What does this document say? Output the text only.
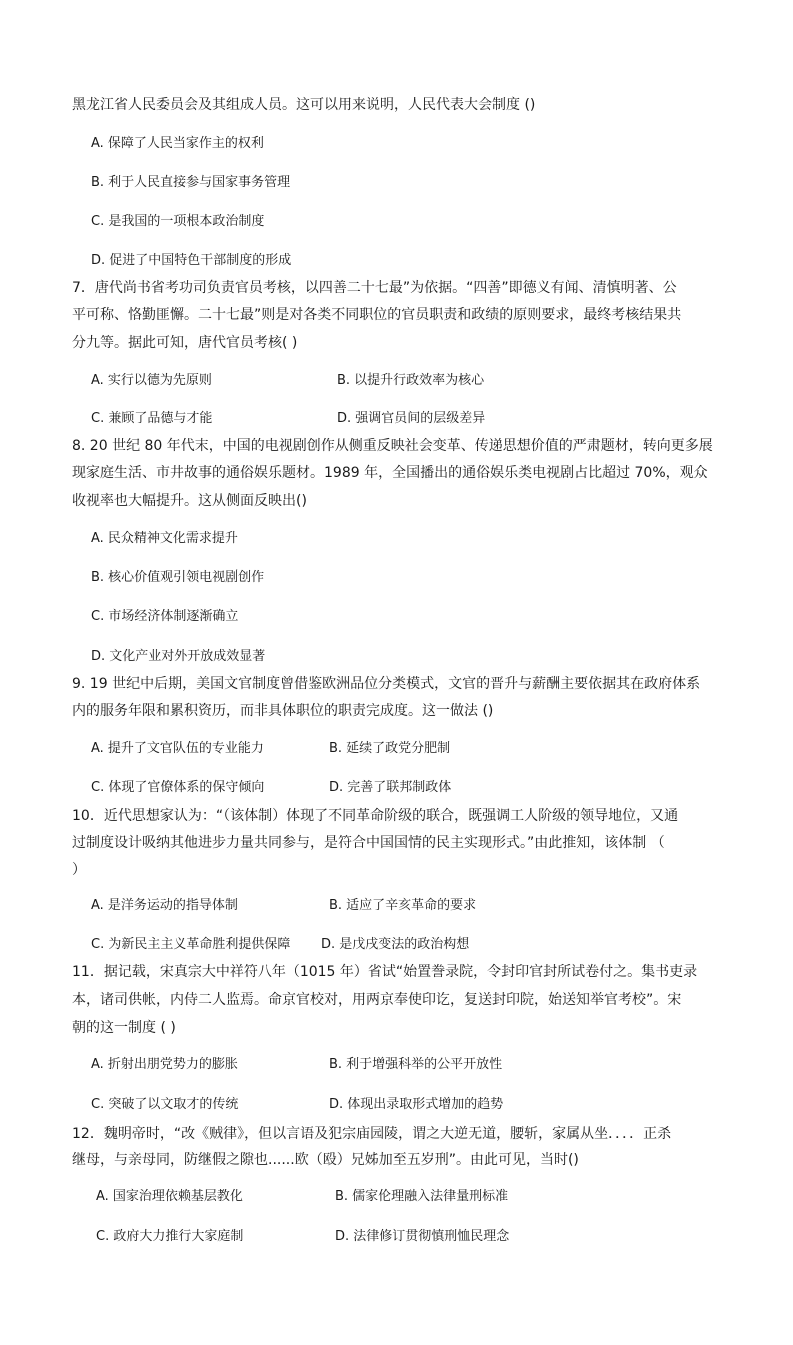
黑龙江省人民委员会及其组成人员。这可以用来说明，人民代表大会制度 ()
A. 保障了人民当家作主的权利
B. 利于人民直接参与国家事务管理
C. 是我国的一项根本政治制度
D. 促进了中国特色干部制度的形成
7．唐代尚书省考功司负责官员考核，以四善二十七最”为依据。“四善”即德义有闻、清慎明著、公
平可称、恪勤匪懈。二十七最”则是对各类不同职位的官员职责和政绩的原则要求，最终考核结果共
分九等。据此可知，唐代官员考核( )
A. 实行以德为先原则	B. 以提升行政效率为核心
C. 兼顾了品德与才能	D. 强调官员间的层级差异
8. 20 世纪 80 年代末，中国的电视剧创作从侧重反映社会变革、传递思想价值的严肃题材，转向更多展
现家庭生活、市井故事的通俗娱乐题材。1989 年，全国播出的通俗娱乐类电视剧占比超过 70%，观众
收视率也大幅提升。这从侧面反映出()
A. 民众精神文化需求提升
B. 核心价值观引领电视剧创作
C. 市场经济体制逐渐确立
D. 文化产业对外开放成效显著
9. 19 世纪中后期，美国文官制度曾借鉴欧洲品位分类模式，文官的晋升与薪酬主要依据其在政府体系
内的服务年限和累积资历，而非具体职位的职责完成度。这一做法 ()
A. 提升了文官队伍的专业能力	B. 延续了政党分肥制
C. 体现了官僚体系的保守倾向	D. 完善了联邦制政体
10．近代思想家认为：“（该体制）体现了不同革命阶级的联合，既强调工人阶级的领导地位，又通
过制度设计吸纳其他进步力量共同参与，是符合中国国情的民主实现形式。”由此推知，该体制 （
）
A. 是洋务运动的指导体制	B. 适应了辛亥革命的要求
C. 为新民主主义革命胜利提供保障 D. 是戊戌变法的政治构想
11．据记载，宋真宗大中祥符八年（1015 年）省试“始置誊录院，令封印官封所试卷付之。集书吏录
本，诸司供帐，内侍二人监焉。命京官校对，用两京奉使印讫，复送封印院，始送知举官考校”。宋
朝的这一制度 ( )
A. 折射出朋党势力的膨胀	B. 利于增强科举的公平开放性
C. 突破了以文取才的传统	D. 体现出录取形式增加的趋势
12．魏明帝时，“改《贼律》，但以言语及犯宗庙园陵，谓之大逆无道，腰斩，家属从坐．．．．正杀
继母，与亲母同，防继假之隙也......欧（殴）兄姊加至五岁刑”。由此可见，当时()
A. 国家治理依赖基层教化	B. 儒家伦理融入法律量刑标准
C. 政府大力推行大家庭制	D. 法律修订贯彻慎刑恤民理念
